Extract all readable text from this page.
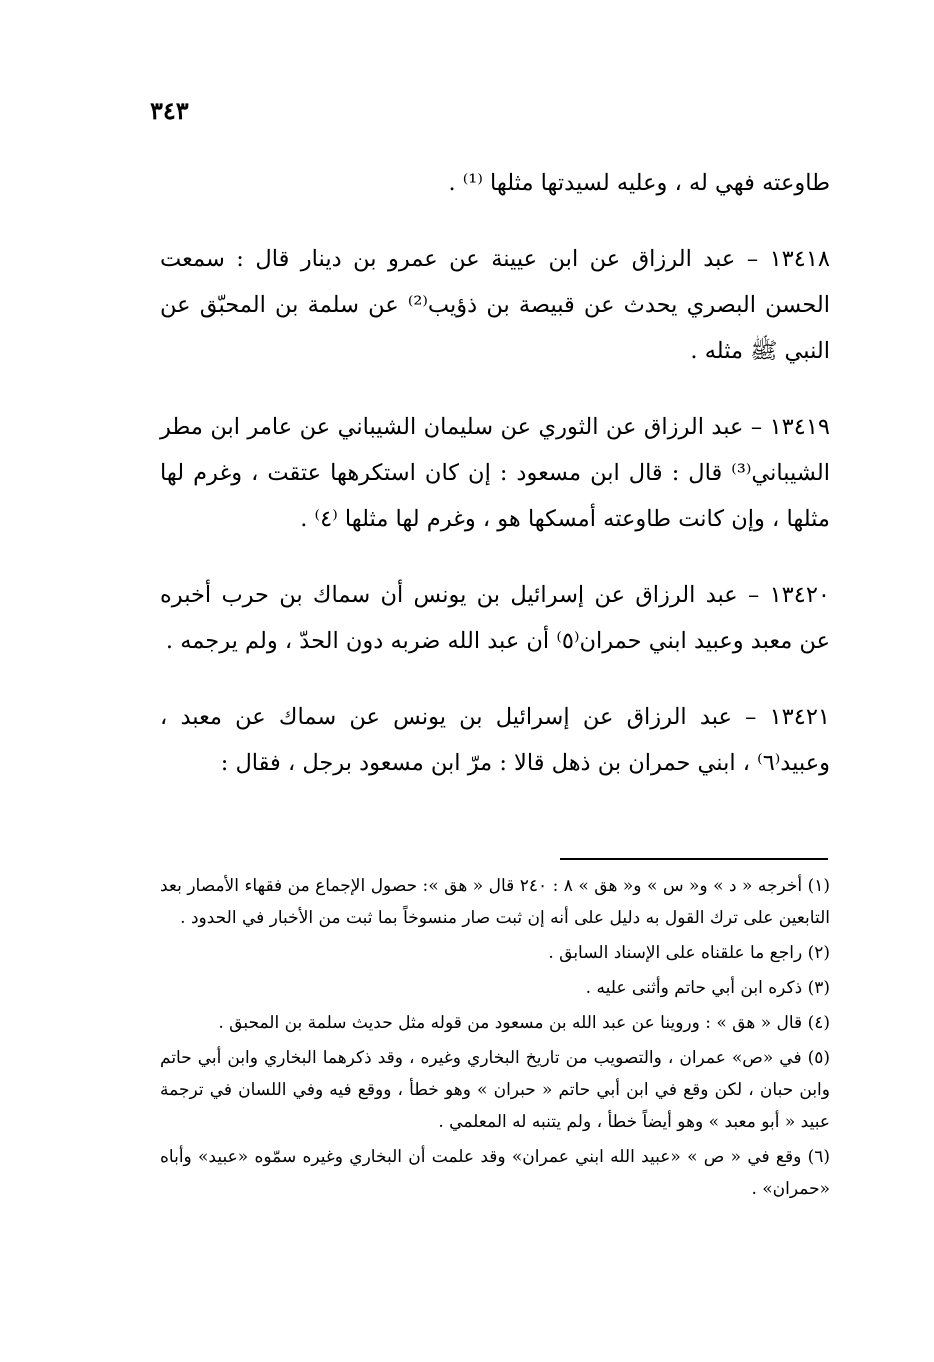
٣٤٣

طاوعته فهي له ، وعليه لسيدتها مثلها ⁽¹⁾ .

١٣٤١٨ – عبد الرزاق عن ابن عيينة عن عمرو بن دينار قال : سمعت الحسن البصري يحدث عن قبيصة بن ذؤيب⁽²⁾ عن سلمة بن المحبّق عن النبي ﷺ مثله .

١٣٤١٩ – عبد الرزاق عن الثوري عن سليمان الشيباني عن عامر ابن مطر الشيباني⁽³⁾ قال : قال ابن مسعود : إن كان استكرهها عتقت ، وغرم لها مثلها ، وإن كانت طاوعته أمسكها هو ، وغرم لها مثلها ⁽٤⁾ .

١٣٤٢٠ – عبد الرزاق عن إسرائيل بن يونس أن سماك بن حرب أخبره عن معبد وعبيد ابني حمران⁽٥⁾ أن عبد الله ضربه دون الحدّ ، ولم يرجمه .

١٣٤٢١ – عبد الرزاق عن إسرائيل بن يونس عن سماك عن معبد ، وعبيد⁽٦⁾ ، ابني حمران بن ذهل قالا : مرّ ابن مسعود برجل ، فقال :

(١) أخرجه « د » و« س » و« هق » ٨ : ٢٤٠ قال « هق »: حصول الإجماع من فقهاء الأمصار بعد التابعين على ترك القول به دليل على أنه إن ثبت صار منسوخاً بما ثبت من الأخبار في الحدود .

(٢) راجع ما علقناه على الإسناد السابق .

(٣) ذكره ابن أبي حاتم وأثنى عليه .

(٤) قال « هق » : وروينا عن عبد الله بن مسعود من قوله مثل حديث سلمة بن المحبق .

(٥) في «ص» عمران ، والتصويب من تاريخ البخاري وغيره ، وقد ذكرهما البخاري وابن أبي حاتم وابن حبان ، لكن وقع في ابن أبي حاتم « حبران » وهو خطأ ، ووقع فيه وفي اللسان في ترجمة عبيد « أبو معبد » وهو أيضاً خطأ ، ولم يتنبه له المعلمي .

(٦) وقع في « ص » «عبيد الله ابني عمران» وقد علمت أن البخاري وغيره سمّوه «عبيد» وأباه «حمران» .
